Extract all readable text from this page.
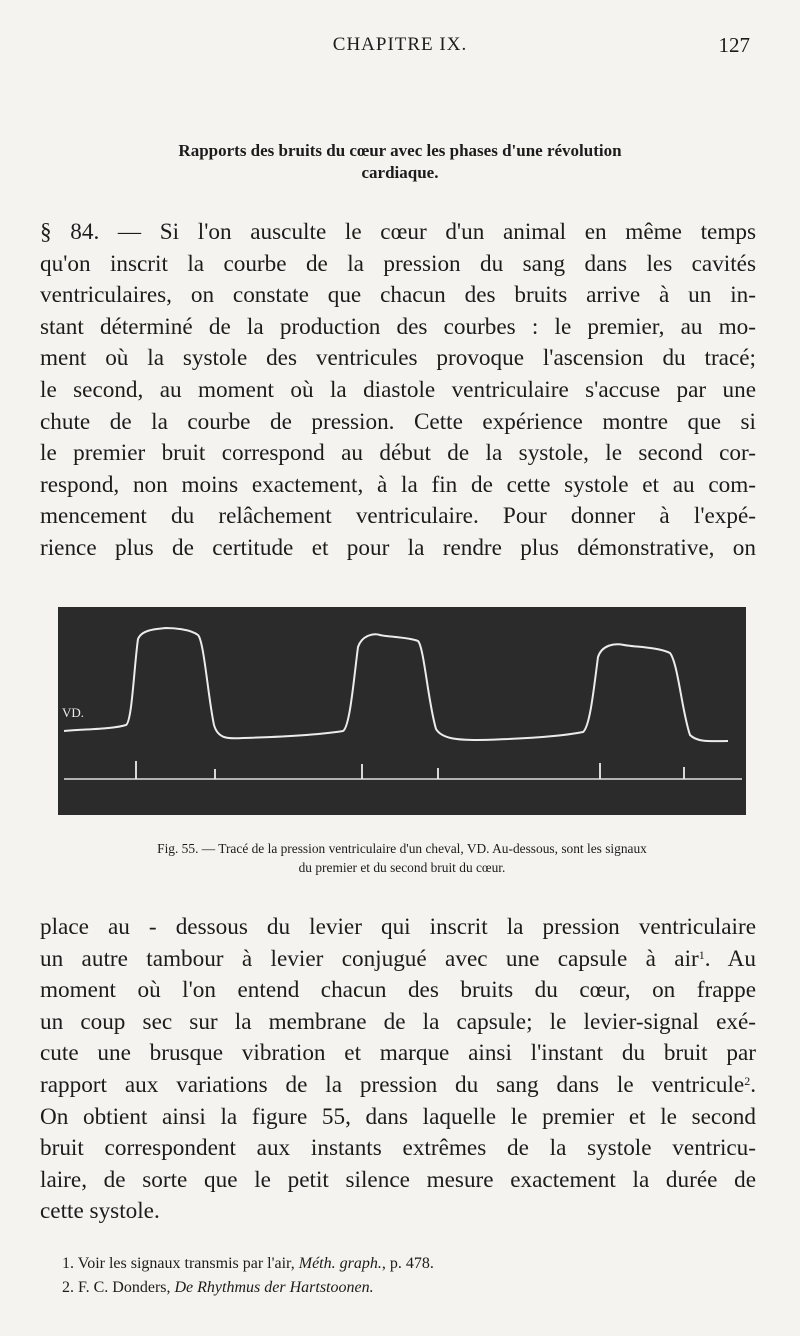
CHAPITRE IX.	127
Rapports des bruits du cœur avec les phases d'une révolution
cardiaque.
§ 84. — Si l'on ausculte le cœur d'un animal en même temps
qu'on inscrit la courbe de la pression du sang dans les cavités
ventriculaires, on constate que chacun des bruits arrive à un in-
stant déterminé de la production des courbes : le premier, au mo-
ment où la systole des ventricules provoque l'ascension du tracé;
le second, au moment où la diastole ventriculaire s'accuse par une
chute de la courbe de pression. Cette expérience montre que si
le premier bruit correspond au début de la systole, le second cor-
respond, non moins exactement, à la fin de cette systole et au com-
mencement du relâchement ventriculaire. Pour donner à l'expé-
rience plus de certitude et pour la rendre plus démonstrative, on
VD.
Fig. 55. — Tracé de la pression ventriculaire d'un cheval, VD. Au-dessous, sont les signaux
du premier et du second bruit du cœur.
place au - dessous du levier qui inscrit la pression ventriculaire
un autre tambour à levier conjugué avec une capsule à air$^1$. Au
moment où l'on entend chacun des bruits du cœur, on frappe
un coup sec sur la membrane de la capsule; le levier-signal exé-
cute une brusque vibration et marque ainsi l'instant du bruit par
rapport aux variations de la pression du sang dans le ventricule$^2$.
On obtient ainsi la figure 55, dans laquelle le premier et le second
bruit correspondent aux instants extrêmes de la systole ventricu-
laire, de sorte que le petit silence mesure exactement la durée de
cette systole.
1. Voir les signaux transmis par l'air, Méth. graph., p. 478.
2. F. C. Donders, De Rhythmus der Hartstoonen.
